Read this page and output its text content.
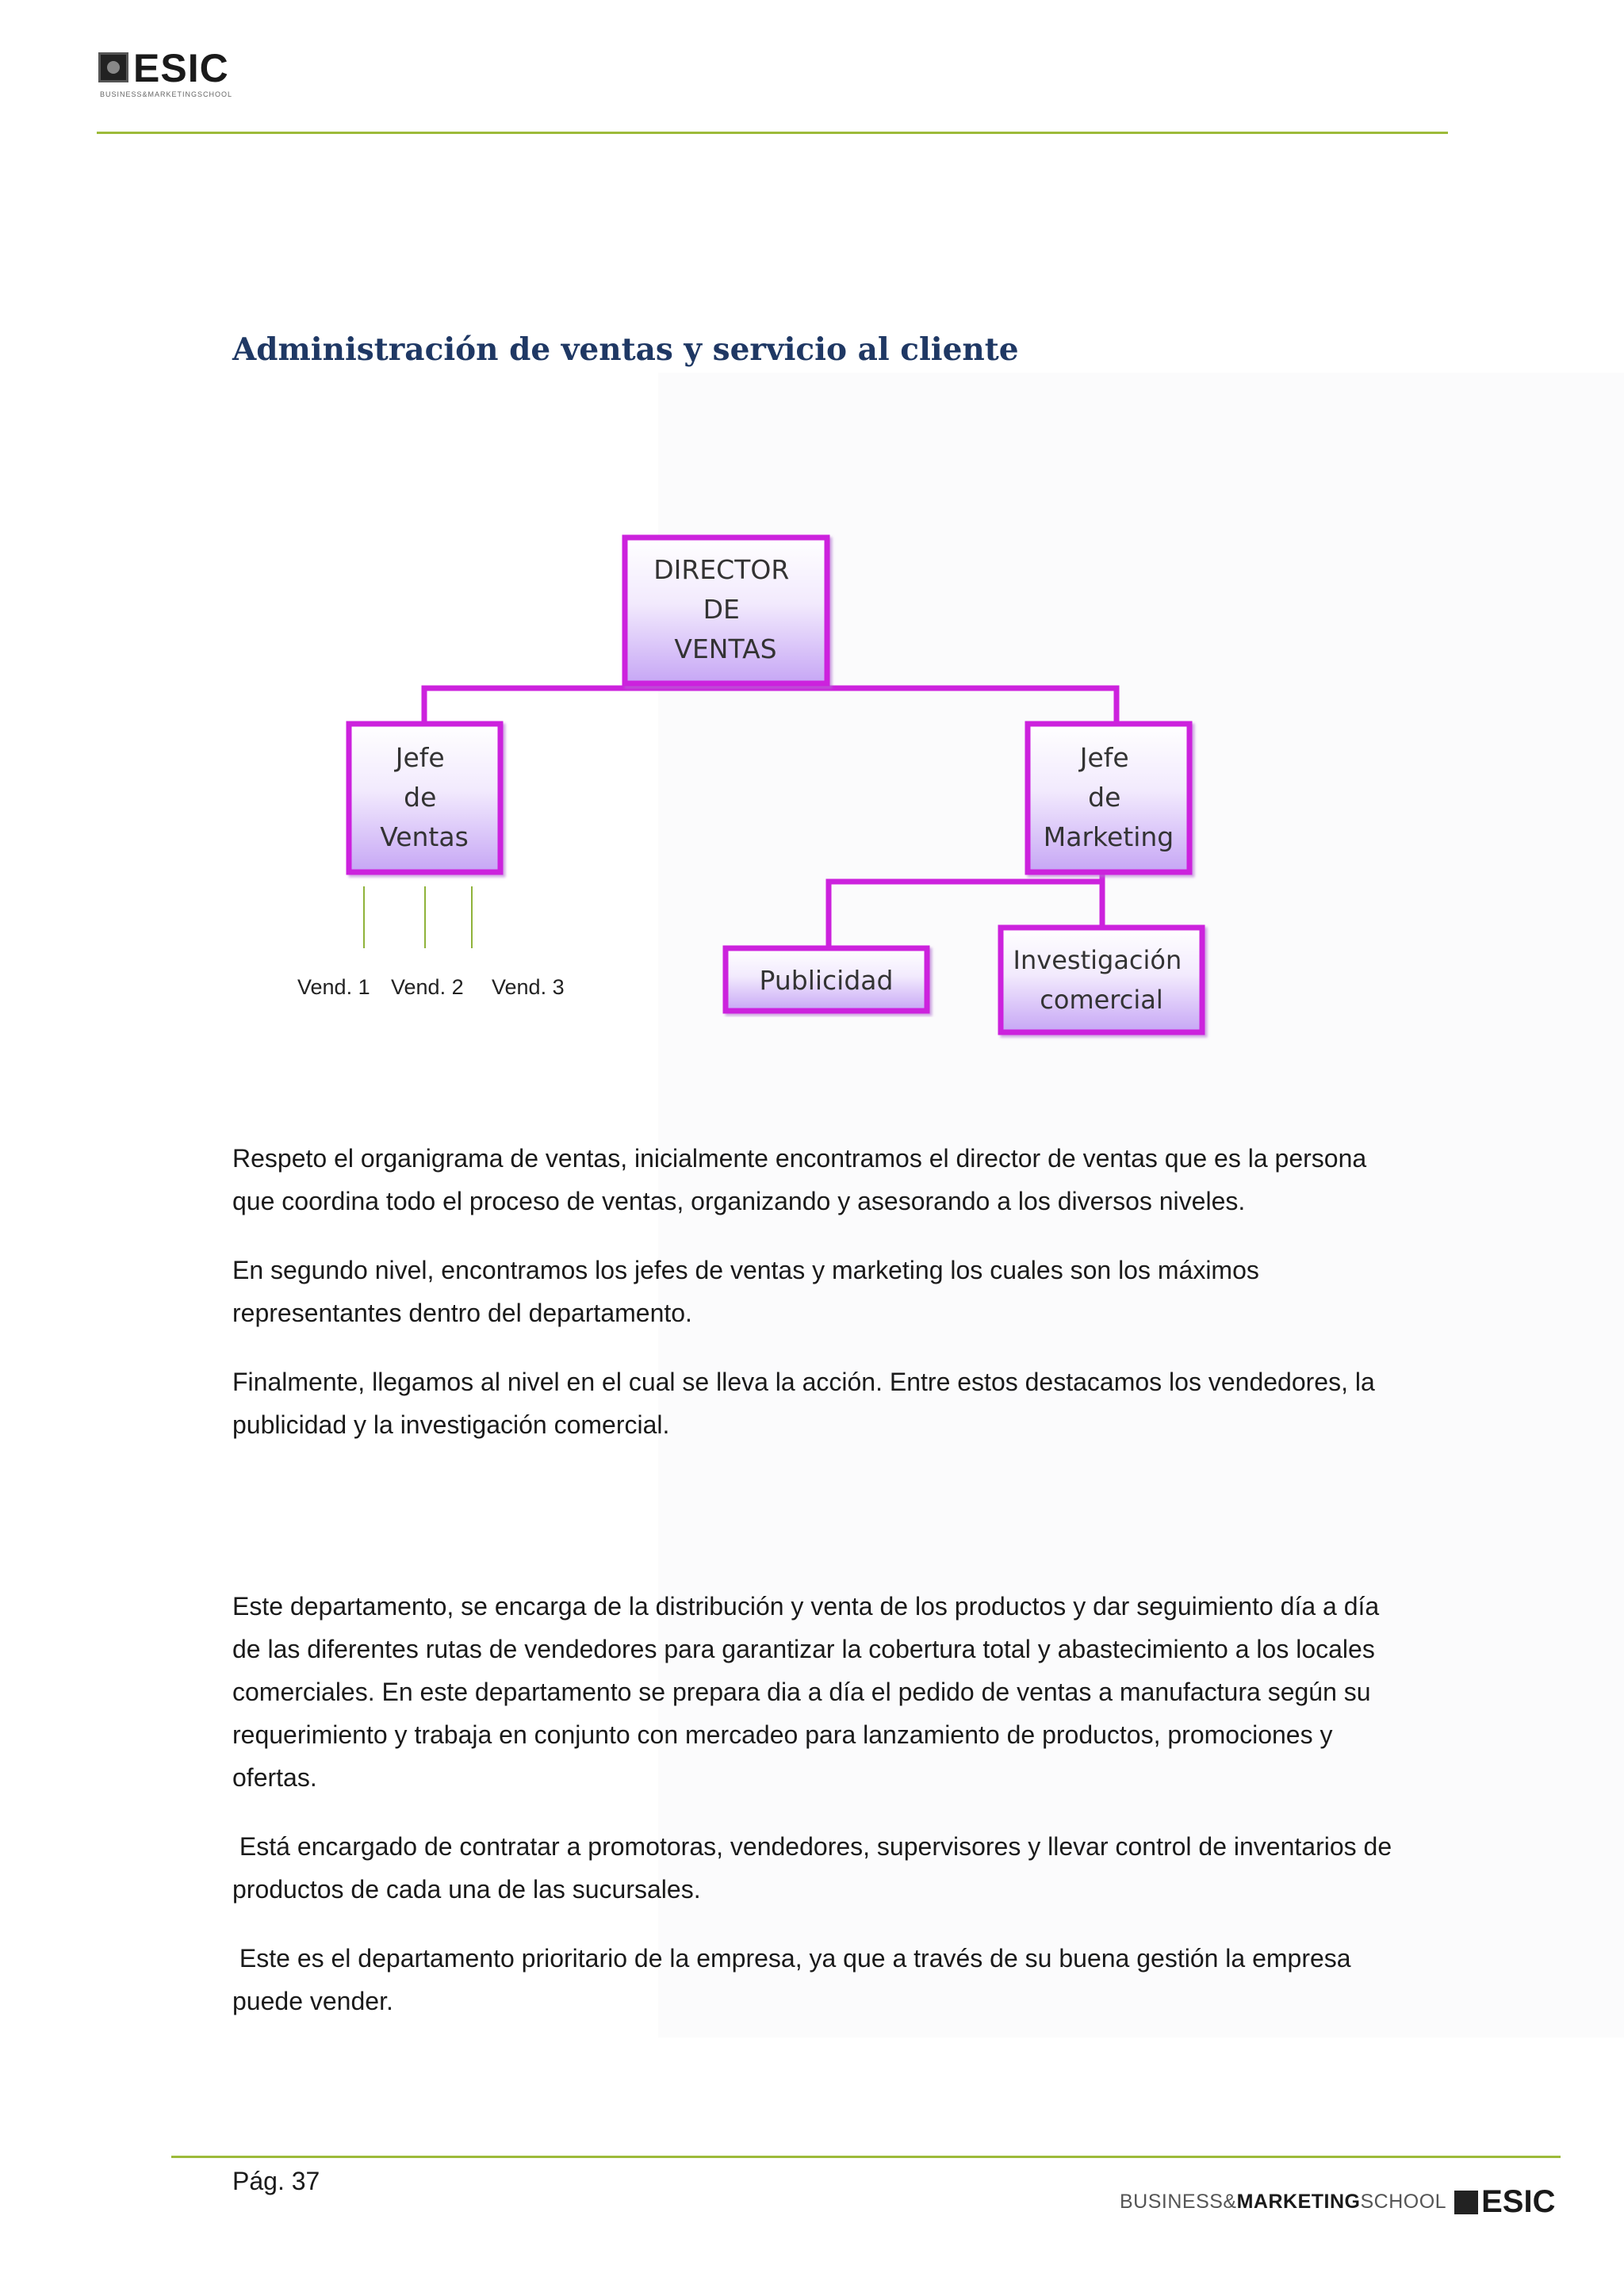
ESIC
BUSINESS&MARKETINGSCHOOL
Administración de ventas y servicio al cliente
DIRECTOR DE VENTAS
Jefe de Ventas
Jefe de Marketing
Publicidad
Investigación comercial
Vend. 1 Vend. 2 Vend. 3

Respeto el organigrama de ventas, inicialmente encontramos el director de ventas que es la persona que coordina todo el proceso de ventas, organizando y asesorando a los diversos niveles.

En segundo nivel, encontramos los jefes de ventas y marketing los cuales son los máximos representantes dentro del departamento.

Finalmente, llegamos al nivel en el cual se lleva la acción. Entre estos destacamos los vendedores, la publicidad y la investigación comercial.

Este departamento, se encarga de la distribución y venta de los productos y dar seguimiento día a día de las diferentes rutas de vendedores para garantizar la cobertura total y abastecimiento a los locales comerciales. En este departamento se prepara dia a día el pedido de ventas a manufactura según su requerimiento y trabaja en conjunto con mercadeo para lanzamiento de productos, promociones y ofertas.

Está encargado de contratar a promotoras, vendedores, supervisores y llevar control de inventarios de productos de cada una de las sucursales.

Este es el departamento prioritario de la empresa, ya que a través de su buena gestión la empresa puede vender.

Pág. 37
BUSINESS&MARKETINGSCHOOL ESIC
